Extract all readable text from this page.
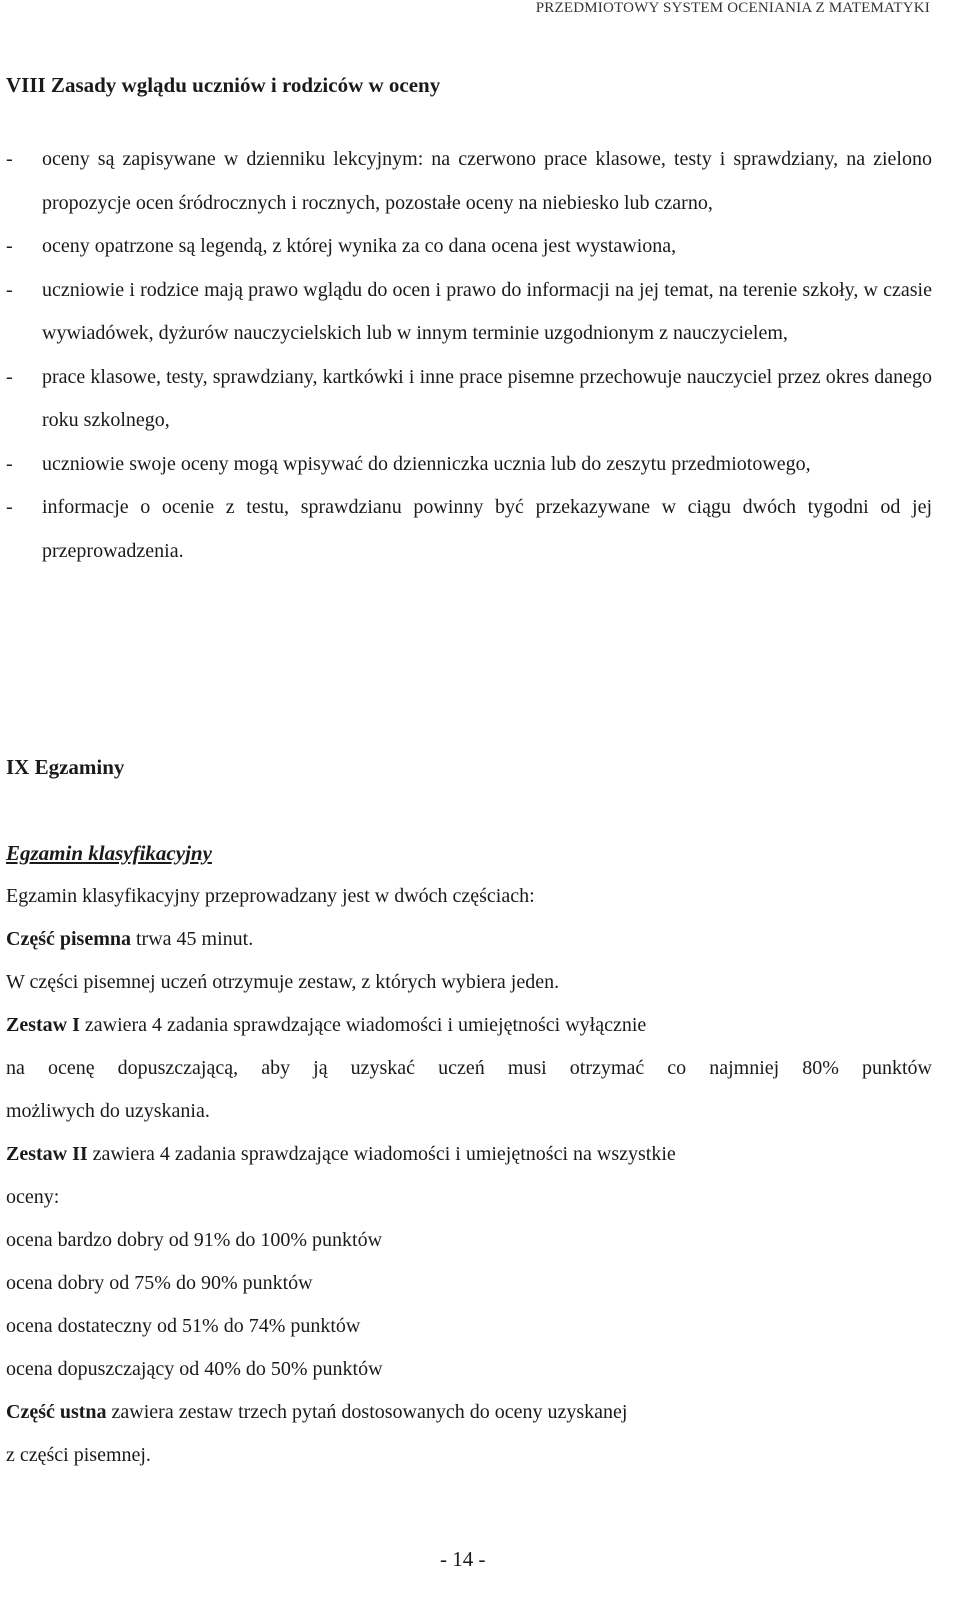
PRZEDMIOTOWY SYSTEM OCENIANIA Z MATEMATYKI
VIII Zasady wglądu uczniów i rodziców w oceny
- oceny są zapisywane w dzienniku lekcyjnym: na czerwono prace klasowe, testy i sprawdziany, na zielono propozycje ocen śródrocznych i rocznych, pozostałe oceny na niebiesko lub czarno,
- oceny opatrzone są legendą, z której wynika za co dana ocena jest wystawiona,
- uczniowie i rodzice mają prawo wglądu do ocen i prawo do informacji na jej temat, na terenie szkoły, w czasie wywiadówek, dyżurów nauczycielskich lub w innym terminie uzgodnionym z nauczycielem,
- prace klasowe, testy, sprawdziany, kartkówki i inne prace pisemne przechowuje nauczyciel przez okres danego roku szkolnego,
- uczniowie swoje oceny mogą wpisywać do dzienniczka ucznia lub do zeszytu przedmiotowego,
- informacje o ocenie z testu, sprawdzianu powinny być przekazywane w ciągu dwóch tygodni od jej przeprowadzenia.
IX Egzaminy
Egzamin klasyfikacyjny
Egzamin klasyfikacyjny przeprowadzany jest w dwóch częściach:
Część pisemna trwa 45 minut.
W części pisemnej uczeń otrzymuje zestaw, z których wybiera jeden.
Zestaw I zawiera 4 zadania sprawdzające wiadomości i umiejętności wyłącznie
na ocenę dopuszczającą, aby ją uzyskać uczeń musi otrzymać co najmniej 80% punktów
możliwych do uzyskania.
Zestaw II zawiera 4 zadania sprawdzające wiadomości i umiejętności na wszystkie
oceny:
ocena bardzo dobry od 91% do 100% punktów
ocena dobry od 75% do 90% punktów
ocena dostateczny od 51% do 74% punktów
ocena dopuszczający od 40% do 50% punktów
Część ustna zawiera zestaw trzech pytań dostosowanych do oceny uzyskanej
z części pisemnej.
- 14 -
